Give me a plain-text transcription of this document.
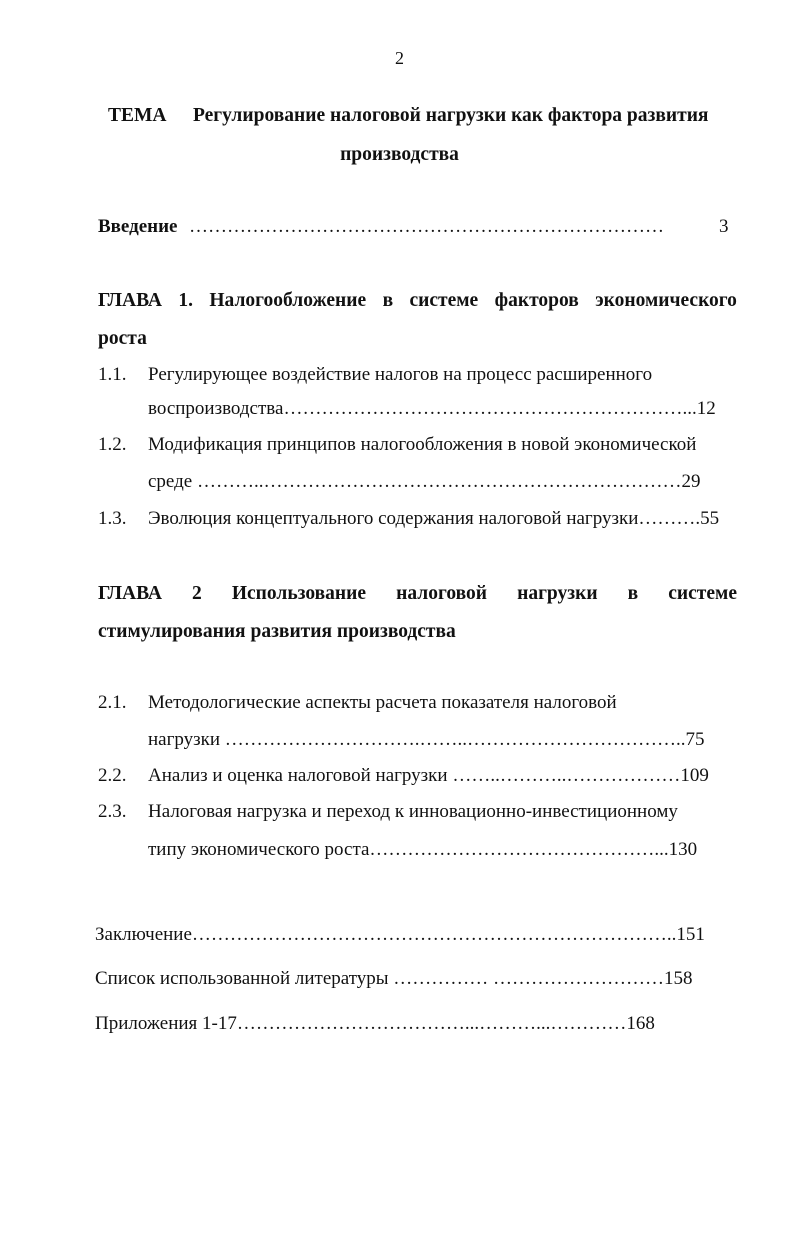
2
ТЕМА Регулирование налоговой нагрузки как фактора развития
производства
Введение …………………………………………………………………	3
ГЛАВА 1. Налогообложение в системе факторов экономического
роста
1.1. Регулирующее воздействие налогов на процесс расширенного
воспроизводства………………………………………………………...12
1.2. Модификация принципов налогообложения в новой экономической
среде ………..…………………………………………………………29
1.3. Эволюция концептуального содержания налоговой нагрузки……….55
ГЛАВА 2 Использование налоговой нагрузки в системе
стимулирования развития производства
2.1. Методологические аспекты расчета показателя налоговой
нагрузки ………………………….……..……………………………..75
2.2. Анализ и оценка налоговой нагрузки ……..………..………………109
2.3. Налоговая нагрузка и переход к инновационно-инвестиционному
типу экономического роста………………………………………...130
Заключение…………………………………………………………………..151
Список использованной литературы …………… ………………………158
Приложения 1-17………………………………...………...…………168
